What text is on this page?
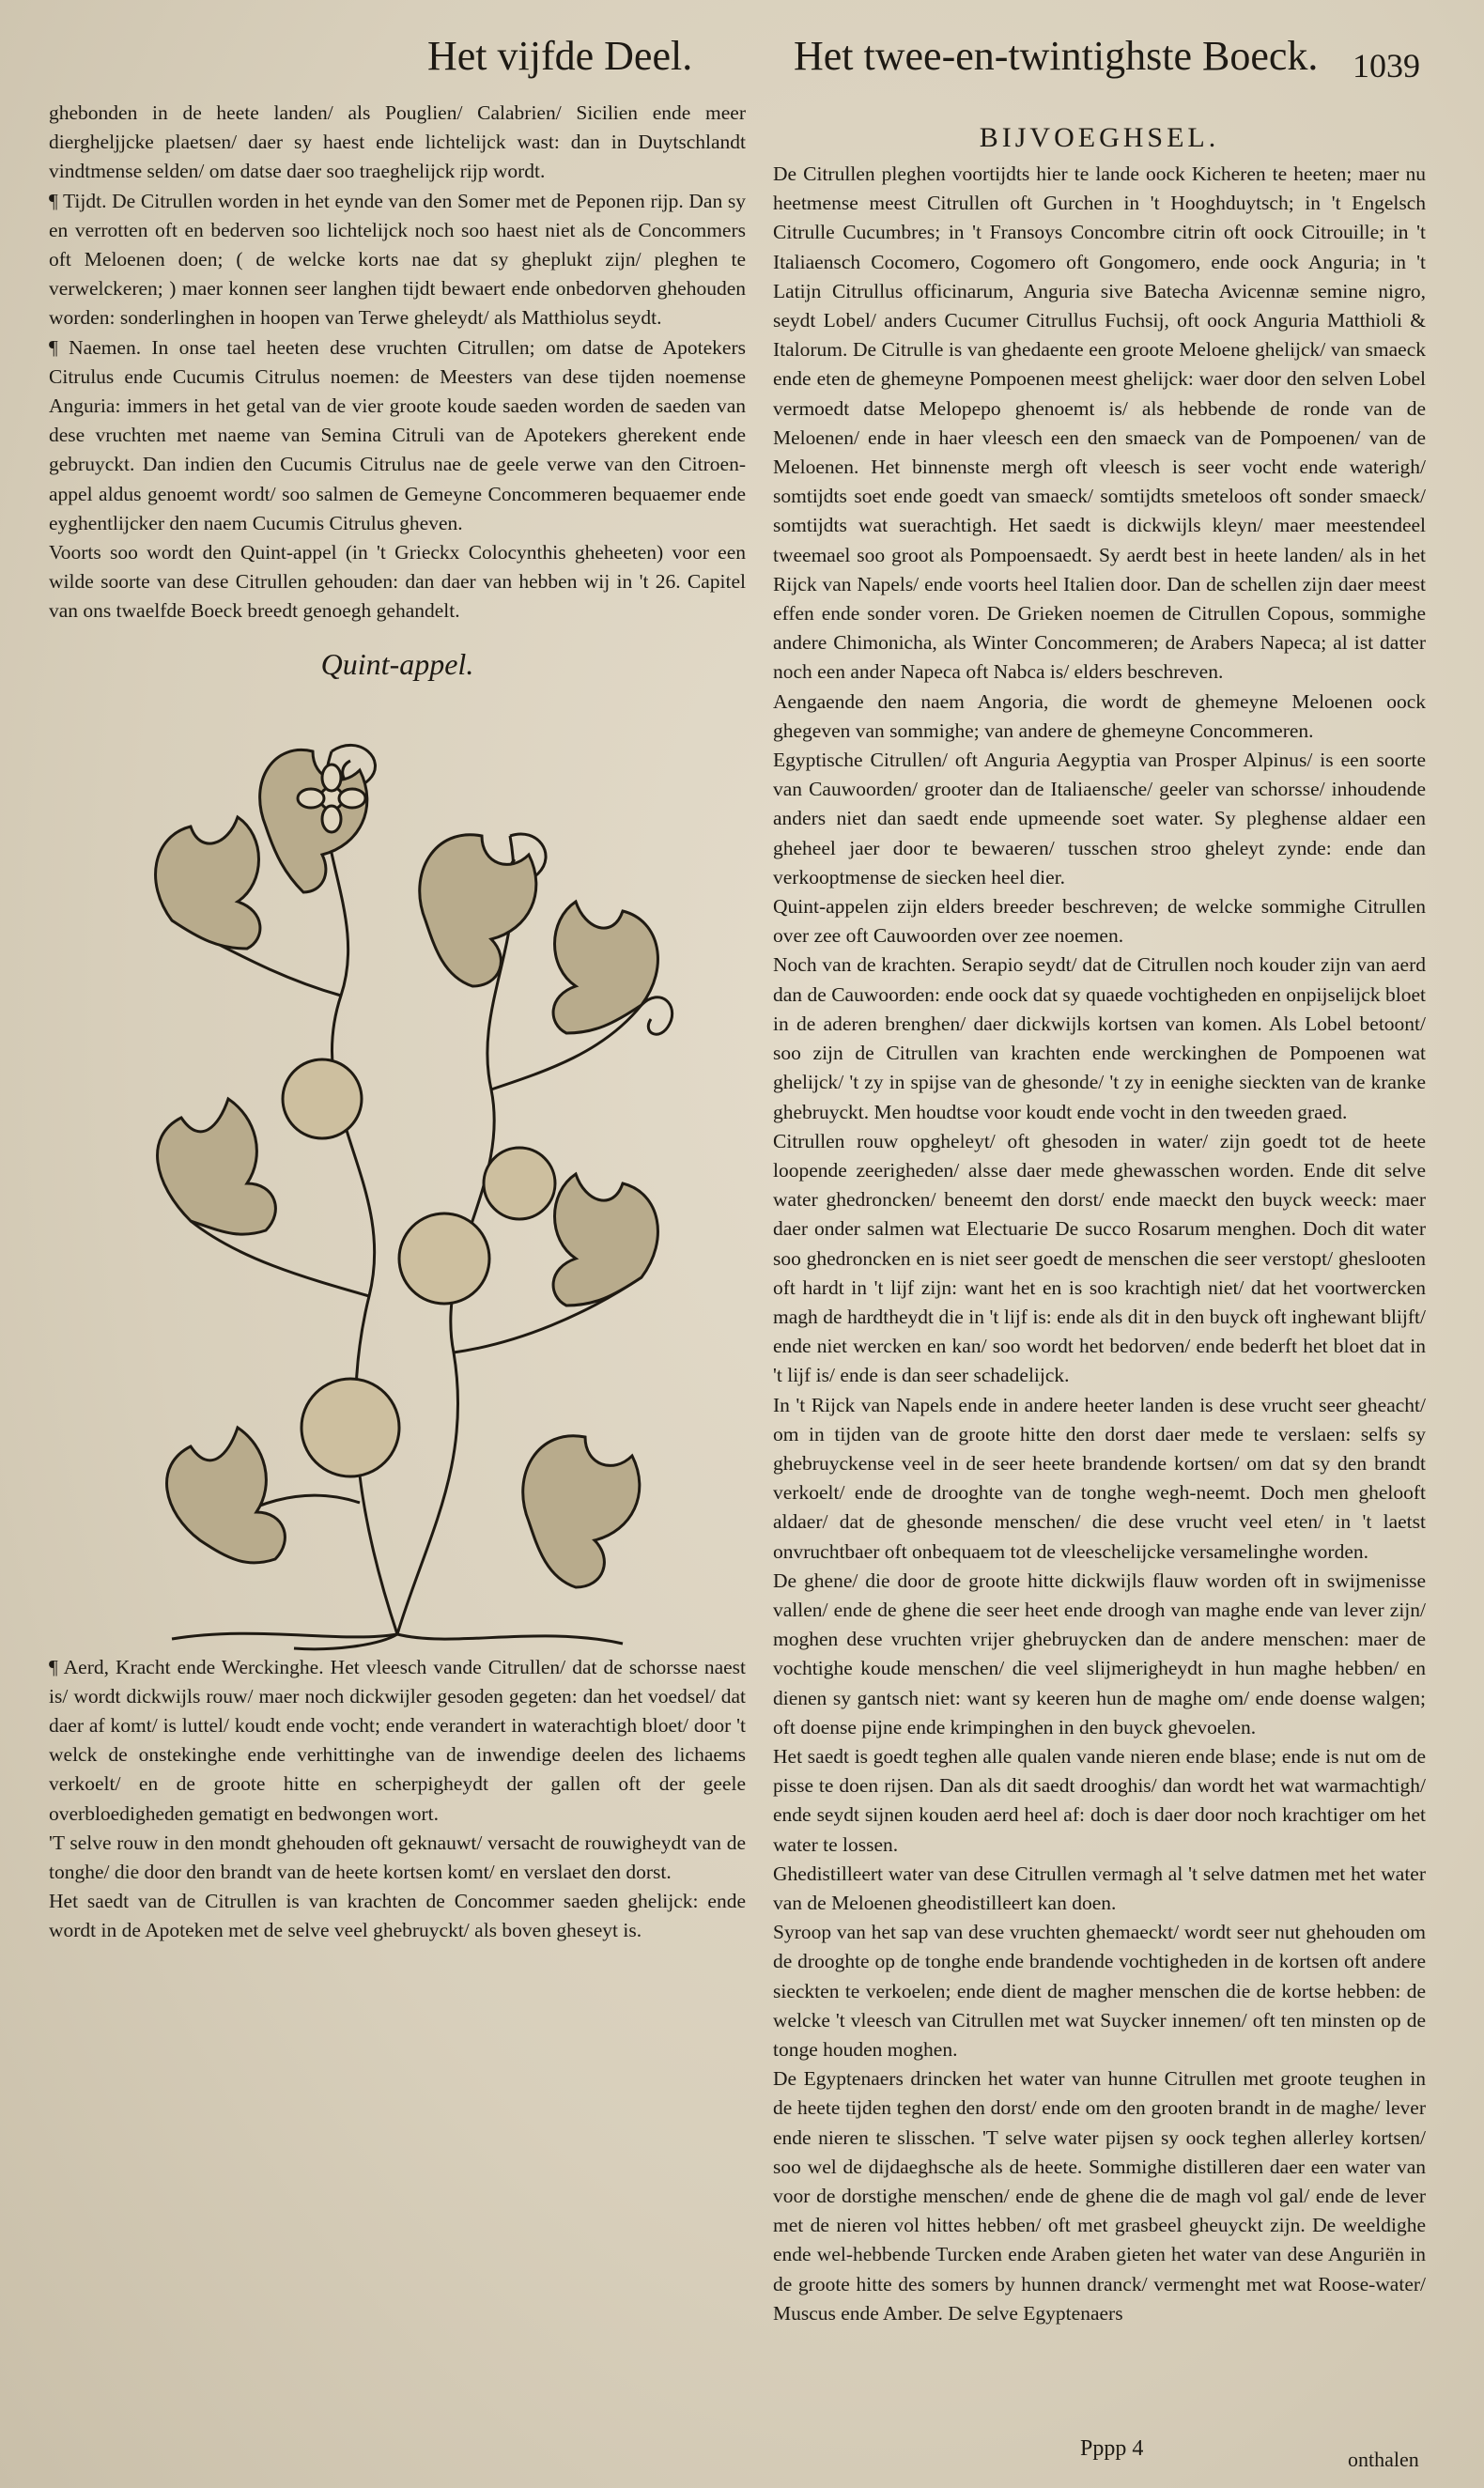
Het vijfde Deel. Het twee-en-twintighste Boeck. 1039

ghebonden in de heete landen/ als Pouglien/ Calabrien/ Sicilien ende meer diergheljjcke plaetsen/ daer sy haest ende lichtelijck wast: dan in Duytschlandt vindtmense selden/ om datse daer soo traeghelijck rijp wordt.

¶ Tijdt. De Citrullen worden in het eynde van den Somer met de Peponen rijp. Dan sy en verrotten oft en bederven soo lichtelijck noch soo haest niet als de Concommers oft Meloenen doen; ( de welcke korts nae dat sy gheplukt zijn/ pleghen te verwelckeren; ) maer konnen seer langhen tijdt bewaert ende onbedorven ghehouden worden: sonderlinghen in hoopen van Terwe gheleydt/ als Matthiolus seydt.

¶ Naemen. In onse tael heeten dese vruchten Citrullen; om datse de Apotekers Citrulus ende Cucumis Citrulus noemen: de Meesters van dese tijden noemense Anguria: immers in het getal van de vier groote koude saeden worden de saeden van dese vruchten met naeme van Semina Citruli van de Apotekers gherekent ende gebruyckt. Dan indien den Cucumis Citrulus nae de geele verwe van den Citroen-appel aldus genoemt wordt/ soo salmen de Gemeyne Concommeren bequaemer ende eyghentlijcker den naem Cucumis Citrulus gheven.

Voorts soo wordt den Quint-appel (in 't Grieckx Colocynthis gheheeten) voor een wilde soorte van dese Citrullen gehouden: dan daer van hebben wij in 't 26. Capitel van ons twaelfde Boeck breedt genoegh gehandelt.

Quint-appel.

¶ Aerd, Kracht ende Werckinghe. Het vleesch vande Citrullen/ dat de schorsse naest is/ wordt dickwijls rouw/ maer noch dickwijler gesoden gegeten: dan het voedsel/ dat daer af komt/ is luttel/ koudt ende vocht; ende verandert in waterachtigh bloet/ door 't welck de onstekinghe ende verhittinghe van de inwendige deelen des lichaems verkoelt/ en de groote hitte en scherpigheydt der gallen oft der geele overbloedigheden gematigt en bedwongen wort.

'T selve rouw in den mondt ghehouden oft geknauwt/ versacht de rouwigheydt van de tonghe/ die door den brandt van de heete kortsen komt/ en verslaet den dorst.

Het saedt van de Citrullen is van krachten de Concommer saeden ghelijck: ende wordt in de Apoteken met de selve veel ghebruyckt/ als boven gheseyt is.

BIJVOEGHSEL.

De Citrullen pleghen voortijdts hier te lande oock Kicheren te heeten; maer nu heetmense meest Citrullen oft Gurchen in 't Hooghduytsch; in 't Engelsch Citrulle Cucumbres; in 't Fransoys Concombre citrin oft oock Citrouille; in 't Italiaensch Cocomero, Cogomero oft Gongomero, ende oock Anguria; in 't Latijn Citrullus officinarum, Anguria sive Batecha Avicennæ semine nigro, seydt Lobel/ anders Cucumer Citrullus Fuchsij, oft oock Anguria Matthioli & Italorum. De Citrulle is van ghedaente een groote Meloene ghelijck/ van smaeck ende eten de ghemeyne Pompoenen meest ghelijck: waer door den selven Lobel vermoedt datse Melopepo ghenoemt is/ als hebbende de ronde van de Meloenen/ ende in haer vleesch een den smaeck van de Pompoenen/ van de Meloenen. Het binnenste mergh oft vleesch is seer vocht ende waterigh/ somtijdts soet ende goedt van smaeck/ somtijdts smeteloos oft sonder smaeck/ somtijdts wat suerachtigh. Het saedt is dickwijls kleyn/ maer meestendeel tweemael soo groot als Pompoensaedt. Sy aerdt best in heete landen/ als in het Rijck van Napels/ ende voorts heel Italien door. Dan de schellen zijn daer meest effen ende sonder voren. De Grieken noemen de Citrullen Copous, sommighe andere Chimonicha, als Winter Concommeren; de Arabers Napeca; al ist datter noch een ander Napeca oft Nabca is/ elders beschreven.

Aengaende den naem Angoria, die wordt de ghemeyne Meloenen oock ghegeven van sommighe; van andere de ghemeyne Concommeren.

Egyptische Citrullen/ oft Anguria Aegyptia van Prosper Alpinus/ is een soorte van Cauwoorden/ grooter dan de Italiaensche/ geeler van schorsse/ inhoudende anders niet dan saedt ende upmeende soet water. Sy pleghense aldaer een gheheel jaer door te bewaeren/ tusschen stroo gheleyt zynde: ende dan verkooptmense de siecken heel dier.

Quint-appelen zijn elders breeder beschreven; de welcke sommighe Citrullen over zee oft Cauwoorden over zee noemen.

Noch van de krachten. Serapio seydt/ dat de Citrullen noch kouder zijn van aerd dan de Cauwoorden: ende oock dat sy quaede vochtigheden en onpijselijck bloet in de aderen brenghen/ daer dickwijls kortsen van komen. Als Lobel betoont/ soo zijn de Citrullen van krachten ende werckinghen de Pompoenen wat ghelijck/ 't zy in spijse van de ghesonde/ 't zy in eenighe sieckten van de kranke ghebruyckt. Men houdtse voor koudt ende vocht in den tweeden graed.

Citrullen rouw opgheleyt/ oft ghesoden in water/ zijn goedt tot de heete loopende zeerigheden/ alsse daer mede ghewasschen worden. Ende dit selve water ghedroncken/ beneemt den dorst/ ende maeckt den buyck weeck: maer daer onder salmen wat Electuarie De succo Rosarum menghen. Doch dit water soo ghedroncken en is niet seer goedt de menschen die seer verstopt/ gheslooten oft hardt in 't lijf zijn: want het en is soo krachtigh niet/ dat het voortwercken magh de hardtheydt die in 't lijf is: ende als dit in den buyck oft inghewant blijft/ ende niet wercken en kan/ soo wordt het bedorven/ ende bederft het bloet dat in 't lijf is/ ende is dan seer schadelijck.

In 't Rijck van Napels ende in andere heeter landen is dese vrucht seer gheacht/ om in tijden van de groote hitte den dorst daer mede te verslaen: selfs sy ghebruyckense veel in de seer heete brandende kortsen/ om dat sy den brandt verkoelt/ ende de drooghte van de tonghe wegh-neemt. Doch men ghelooft aldaer/ dat de ghesonde menschen/ die dese vrucht veel eten/ in 't laetst onvruchtbaer oft onbequaem tot de vleeschelijcke versamelinghe worden.

De ghene/ die door de groote hitte dickwijls flauw worden oft in swijmenisse vallen/ ende de ghene die seer heet ende droogh van maghe ende van lever zijn/ moghen dese vruchten vrijer ghebruycken dan de andere menschen: maer de vochtighe koude menschen/ die veel slijmerigheydt in hun maghe hebben/ en dienen sy gantsch niet: want sy keeren hun de maghe om/ ende doense walgen; oft doense pijne ende krimpinghen in den buyck ghevoelen.

Het saedt is goedt teghen alle qualen vande nieren ende blase; ende is nut om de pisse te doen rijsen. Dan als dit saedt drooghis/ dan wordt het wat warmachtigh/ ende seydt sijnen kouden aerd heel af: doch is daer door noch krachtiger om het water te lossen.

Ghedistilleert water van dese Citrullen vermagh al 't selve datmen met het water van de Meloenen gheodistilleert kan doen.

Syroop van het sap van dese vruchten ghemaeckt/ wordt seer nut ghehouden om de drooghte op de tonghe ende brandende vochtigheden in de kortsen oft andere sieckten te verkoelen; ende dient de magher menschen die de kortse hebben: de welcke 't vleesch van Citrullen met wat Suycker innemen/ oft ten minsten op de tonge houden moghen.

De Egyptenaers drincken het water van hunne Citrullen met groote teughen in de heete tijden teghen den dorst/ ende om den grooten brandt in de maghe/ lever ende nieren te slisschen. 'T selve water pijsen sy oock teghen allerley kortsen/ soo wel de dijdaeghsche als de heete. Sommighe distilleren daer een water van voor de dorstighe menschen/ ende de ghene die de magh vol gal/ ende de lever met de nieren vol hittes hebben/ oft met grasbeel gheuyckt zijn. De weeldighe ende wel-hebbende Turcken ende Araben gieten het water van dese Anguriën in de groote hitte des somers by hunnen dranck/ vermenght met wat Roose-water/ Muscus ende Amber. De selve Egyptenaers

Pppp 4	onthalen
